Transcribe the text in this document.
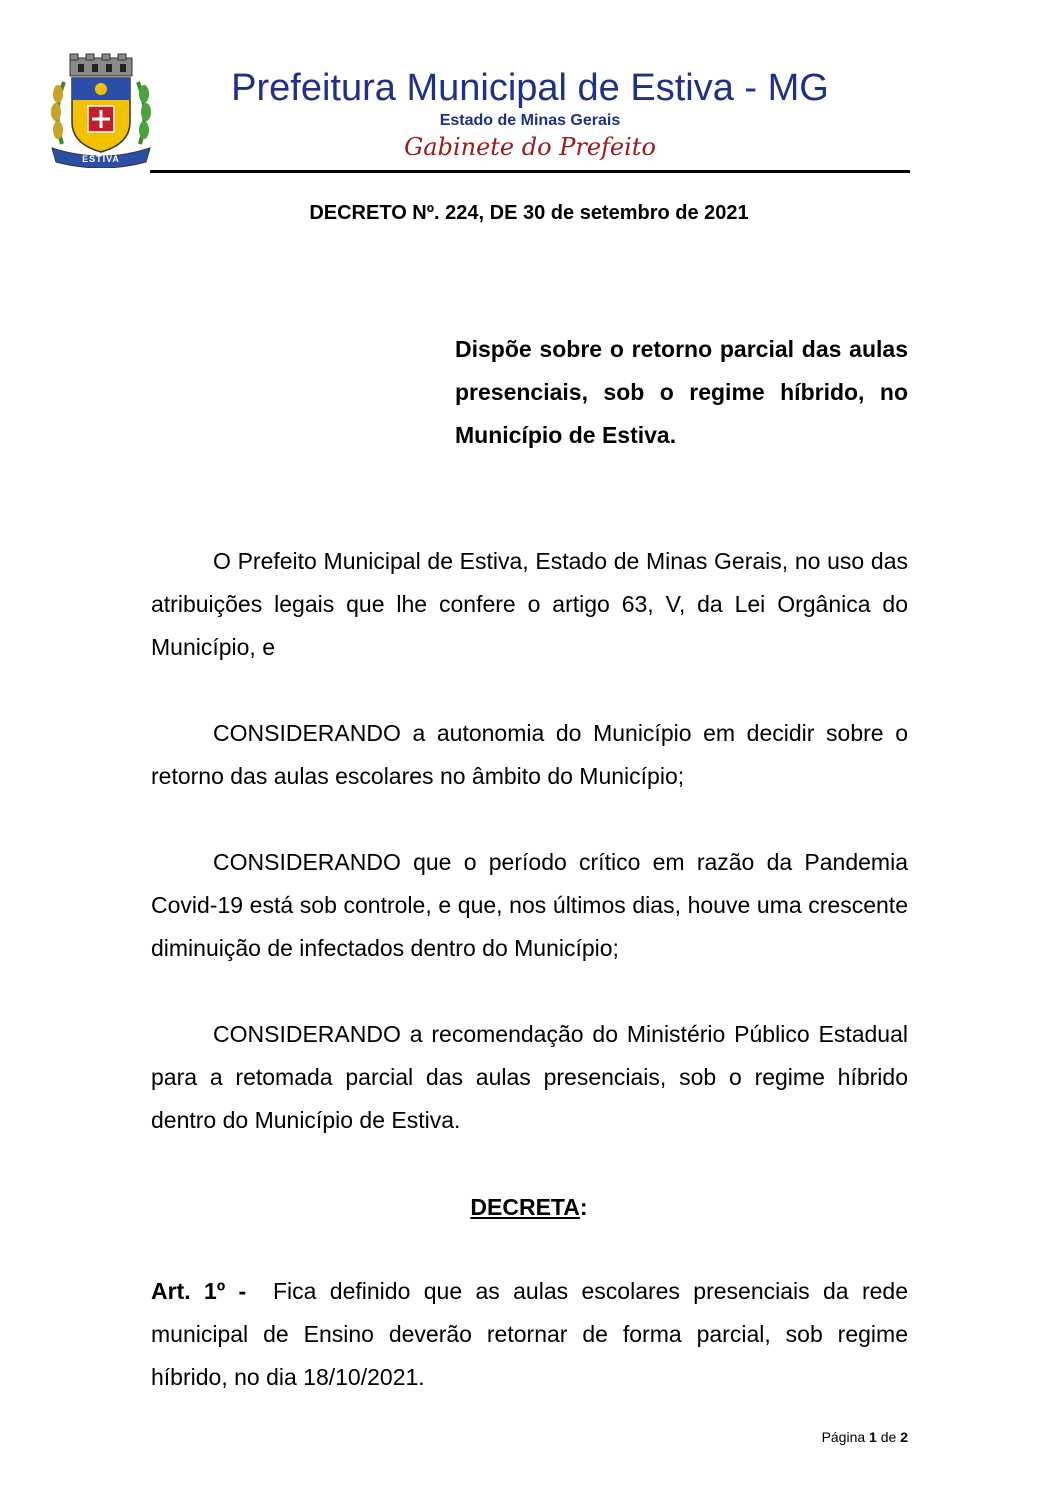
ESTIVA
Prefeitura Municipal de Estiva - MG
Estado de Minas Gerais
Gabinete do Prefeito
DECRETO Nº. 224, DE 30 de setembro de 2021
Dispõe sobre o retorno parcial das aulas presenciais, sob o regime híbrido, no Município de Estiva.

O Prefeito Municipal de Estiva, Estado de Minas Gerais, no uso das atribuições legais que lhe confere o artigo 63, V, da Lei Orgânica do Município, e

CONSIDERANDO a autonomia do Município em decidir sobre o retorno das aulas escolares no âmbito do Município;

CONSIDERANDO que o período crítico em razão da Pandemia Covid-19 está sob controle, e que, nos últimos dias, houve uma crescente diminuição de infectados dentro do Município;

CONSIDERANDO a recomendação do Ministério Público Estadual para a retomada parcial das aulas presenciais, sob o regime híbrido dentro do Município de Estiva.

DECRETA:

Art. 1º - Fica definido que as aulas escolares presenciais da rede municipal de Ensino deverão retornar de forma parcial, sob regime híbrido, no dia 18/10/2021.

Página 1 de 2
